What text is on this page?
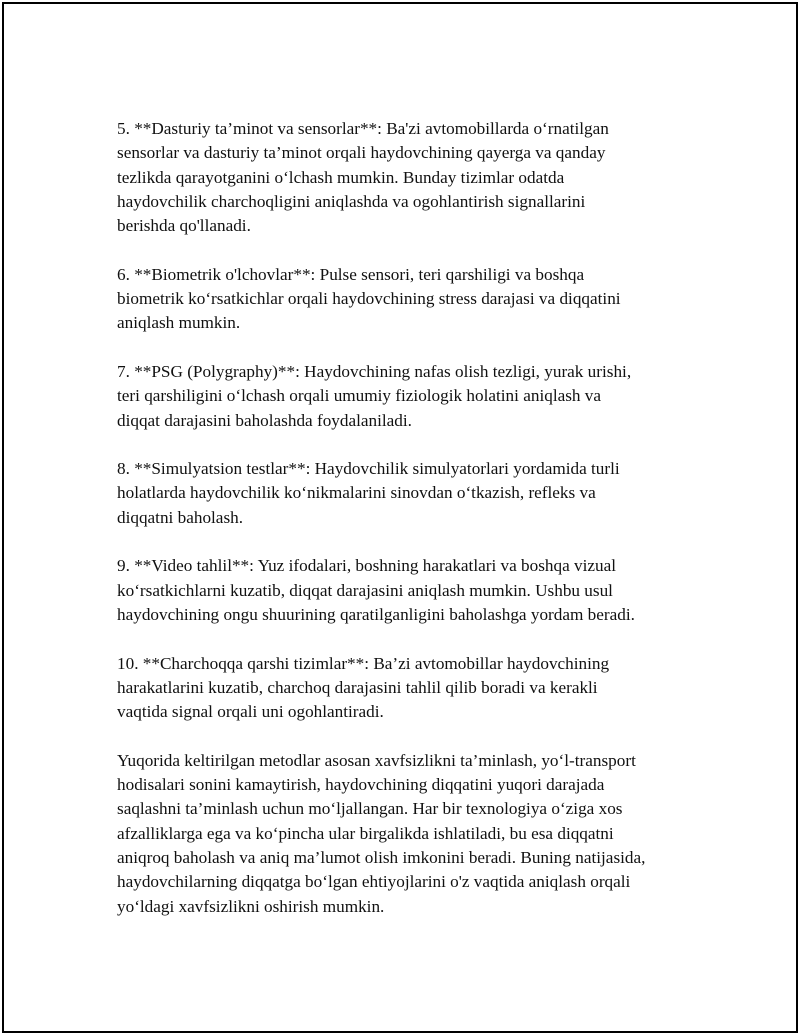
5. **Dasturiy ta’minot va sensorlar**: Ba'zi avtomobillarda o‘rnatilgan
sensorlar va dasturiy ta’minot orqali haydovchining qayerga va qanday
tezlikda qarayotganini o‘lchash mumkin. Bunday tizimlar odatda
haydovchilik charchoqligini aniqlashda va ogohlantirish signallarini
berishda qo'llanadi.

6. **Biometrik o'lchovlar**: Pulse sensori, teri qarshiligi va boshqa
biometrik ko‘rsatkichlar orqali haydovchining stress darajasi va diqqatini
aniqlash mumkin.

7. **PSG (Polygraphy)**: Haydovchining nafas olish tezligi, yurak urishi,
teri qarshiligini o‘lchash orqali umumiy fiziologik holatini aniqlash va
diqqat darajasini baholashda foydalaniladi.

8. **Simulyatsion testlar**: Haydovchilik simulyatorlari yordamida turli
holatlarda haydovchilik ko‘nikmalarini sinovdan o‘tkazish, refleks va
diqqatni baholash.

9. **Video tahlil**: Yuz ifodalari, boshning harakatlari va boshqa vizual
ko‘rsatkichlarni kuzatib, diqqat darajasini aniqlash mumkin. Ushbu usul
haydovchining ongu shuurining qaratilganligini baholashga yordam beradi.

10. **Charchoqqa qarshi tizimlar**: Ba’zi avtomobillar haydovchining
harakatlarini kuzatib, charchoq darajasini tahlil qilib boradi va kerakli
vaqtida signal orqali uni ogohlantiradi.

Yuqorida keltirilgan metodlar asosan xavfsizlikni ta’minlash, yo‘l-transport
hodisalari sonini kamaytirish, haydovchining diqqatini yuqori darajada
saqlashni ta’minlash uchun mo‘ljallangan. Har bir texnologiya o‘ziga xos
afzalliklarga ega va ko‘pincha ular birgalikda ishlatiladi, bu esa diqqatni
aniqroq baholash va aniq ma’lumot olish imkonini beradi. Buning natijasida,
haydovchilarning diqqatga bo‘lgan ehtiyojlarini o'z vaqtida aniqlash orqali
yo‘ldagi xavfsizlikni oshirish mumkin.
